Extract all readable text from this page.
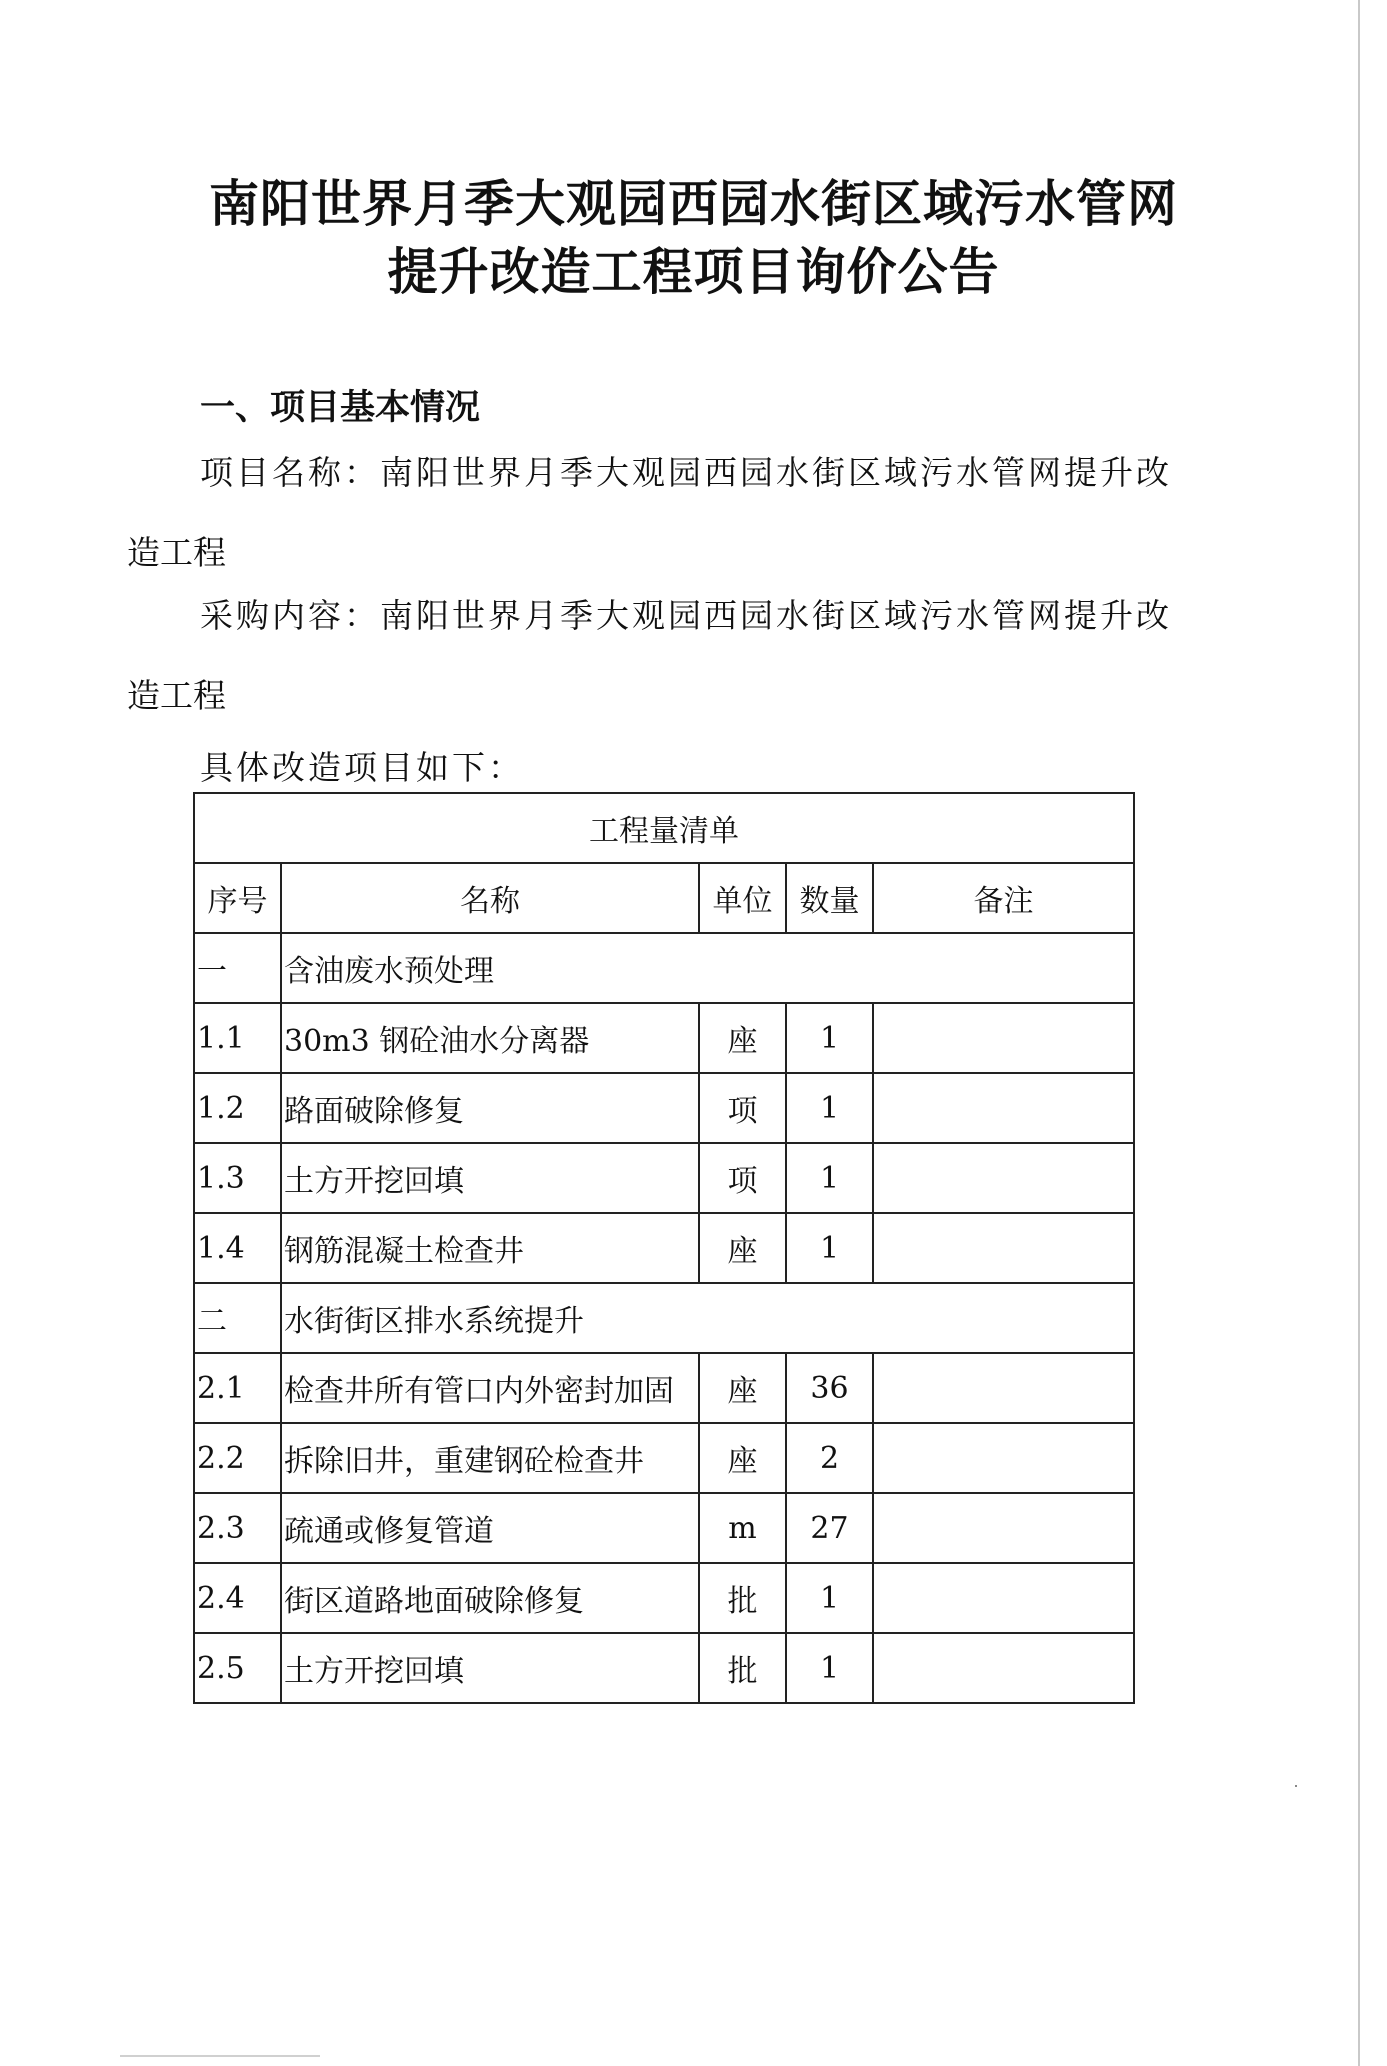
南阳世界月季大观园西园水街区域污水管网
提升改造工程项目询价公告
一、项目基本情况
项目名称：南阳世界月季大观园西园水街区域污水管网提升改
造工程
采购内容：南阳世界月季大观园西园水街区域污水管网提升改
造工程
具体改造项目如下：
工程量清单				
序号	名称	单位	数量	备注
一	含油废水预处理			
1.1	30m3 钢砼油水分离器	座	1	
1.2	路面破除修复	项	1	
1.3	土方开挖回填	项	1	
1.4	钢筋混凝土检查井	座	1	
二	水街街区排水系统提升			
2.1	检查井所有管口内外密封加固	座	36	
2.2	拆除旧井，重建钢砼检查井	座	2	
2.3	疏通或修复管道	m	27	
2.4	街区道路地面破除修复	批	1	
2.5	土方开挖回填	批	1	
